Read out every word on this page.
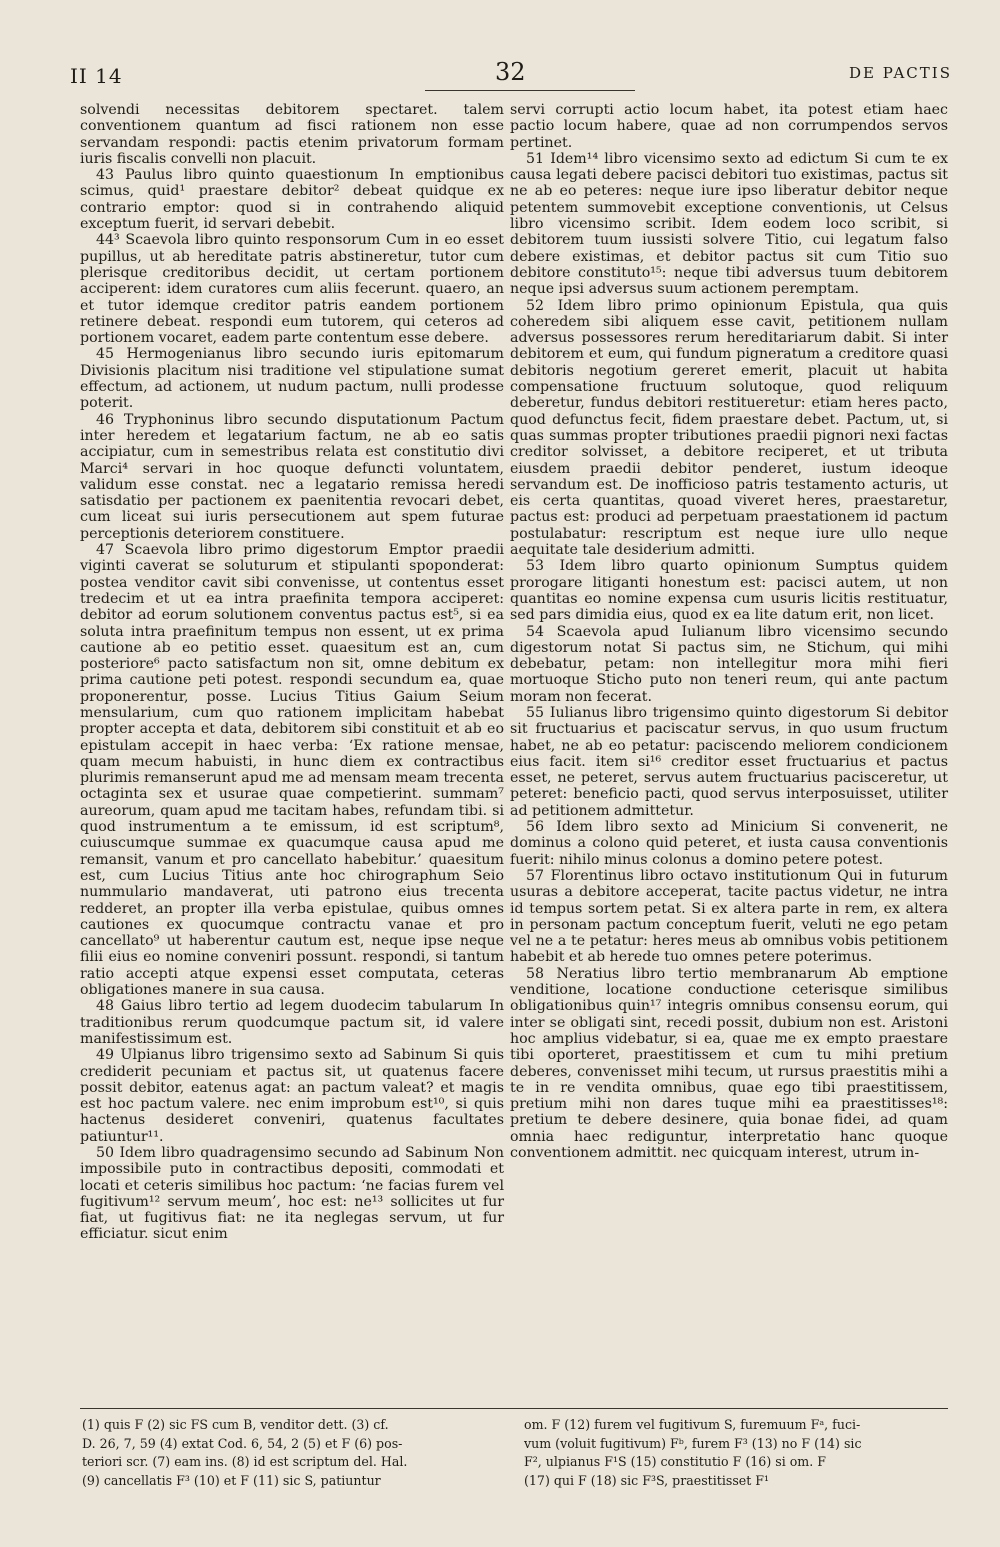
II 14	32	DE PACTIS

solvendi necessitas debitorem spectaret. talem conventionem quantum ad fisci rationem non esse servandam respondi: pactis etenim privatorum formam iuris fiscalis convelli non placuit.

43 Paulus libro quinto quaestionum In emptionibus scimus, quid¹ praestare debitor² debeat quidque ex contrario emptor: quod si in contrahendo aliquid exceptum fuerit, id servari debebit.

44³ Scaevola libro quinto responsorum Cum in eo esset pupillus, ut ab hereditate patris abstineretur, tutor cum plerisque creditoribus decidit, ut certam portionem acciperent: idem curatores cum aliis fecerunt. quaero, an et tutor idemque creditor patris eandem portionem retinere debeat. respondi eum tutorem, qui ceteros ad portionem vocaret, eadem parte contentum esse debere.

45 Hermogenianus libro secundo iuris epitomarum Divisionis placitum nisi traditione vel stipulatione sumat effectum, ad actionem, ut nudum pactum, nulli prodesse poterit.

46 Tryphoninus libro secundo disputationum Pactum inter heredem et legatarium factum, ne ab eo satis accipiatur, cum in semestribus relata est constitutio divi Marci⁴ servari in hoc quoque defuncti voluntatem, validum esse constat. nec a legatario remissa heredi satisdatio per pactionem ex paenitentia revocari debet, cum liceat sui iuris persecutionem aut spem futurae perceptionis deteriorem constituere.

47 Scaevola libro primo digestorum Emptor praedii viginti caverat se soluturum et stipulanti spoponderat: postea venditor cavit sibi convenisse, ut contentus esset tredecim et ut ea intra praefinita tempora acciperet: debitor ad eorum solutionem conventus pactus est⁵, si ea soluta intra praefinitum tempus non essent, ut ex prima cautione ab eo petitio esset. quaesitum est an, cum posteriore⁶ pacto satisfactum non sit, omne debitum ex prima cautione peti potest. respondi secundum ea, quae proponerentur, posse. Lucius Titius Gaium Seium mensularium, cum quo rationem implicitam habebat propter accepta et data, debitorem sibi constituit et ab eo epistulam accepit in haec verba: ‘Ex ratione mensae, quam mecum habuisti, in hunc diem ex contractibus plurimis remanserunt apud me ad mensam meam trecenta octaginta sex et usurae quae competierint. summam⁷ aureorum, quam apud me tacitam habes, refundam tibi. si quod instrumentum a te emissum, id est scriptum⁸, cuiuscumque summae ex quacumque causa apud me remansit, vanum et pro cancellato habebitur.’ quaesitum est, cum Lucius Titius ante hoc chirographum Seio nummulario mandaverat, uti patrono eius trecenta redderet, an propter illa verba epistulae, quibus omnes cautiones ex quocumque contractu vanae et pro cancellato⁹ ut haberentur cautum est, neque ipse neque filii eius eo nomine conveniri possunt. respondi, si tantum ratio accepti atque expensi esset computata, ceteras obligationes manere in sua causa.

48 Gaius libro tertio ad legem duodecim tabularum In traditionibus rerum quodcumque pactum sit, id valere manifestissimum est.

49 Ulpianus libro trigensimo sexto ad Sabinum Si quis crediderit pecuniam et pactus sit, ut quatenus facere possit debitor, eatenus agat: an pactum valeat? et magis est hoc pactum valere. nec enim improbum est¹⁰, si quis hactenus desideret conveniri, quatenus facultates patiuntur¹¹.

50 Idem libro quadragensimo secundo ad Sabinum Non impossibile puto in contractibus depositi, commodati et locati et ceteris similibus hoc pactum: ‘ne facias furem vel fugitivum¹² servum meum’, hoc est: ne¹³ sollicites ut fur fiat, ut fugitivus fiat: ne ita neglegas servum, ut fur efficiatur. sicut enim

servi corrupti actio locum habet, ita potest etiam haec pactio locum habere, quae ad non corrumpendos servos pertinet.

51 Idem¹⁴ libro vicensimo sexto ad edictum Si cum te ex causa legati debere pacisci debitori tuo existimas, pactus sit ne ab eo peteres: neque iure ipso liberatur debitor neque petentem summovebit exceptione conventionis, ut Celsus libro vicensimo scribit. Idem eodem loco scribit, si debitorem tuum iussisti solvere Titio, cui legatum falso debere existimas, et debitor pactus sit cum Titio suo debitore constituto¹⁵: neque tibi adversus tuum debitorem neque ipsi adversus suum actionem peremptam.

52 Idem libro primo opinionum Epistula, qua quis coheredem sibi aliquem esse cavit, petitionem nullam adversus possessores rerum hereditariarum dabit. Si inter debitorem et eum, qui fundum pigneratum a creditore quasi debitoris negotium gereret emerit, placuit ut habita compensatione fructuum solutoque, quod reliquum deberetur, fundus debitori restitueretur: etiam heres pacto, quod defunctus fecit, fidem praestare debet. Pactum, ut, si quas summas propter tributiones praedii pignori nexi factas creditor solvisset, a debitore reciperet, et ut tributa eiusdem praedii debitor penderet, iustum ideoque servandum est. De inofficioso patris testamento acturis, ut eis certa quantitas, quoad viveret heres, praestaretur, pactus est: produci ad perpetuam praestationem id pactum postulabatur: rescriptum est neque iure ullo neque aequitate tale desiderium admitti.

53 Idem libro quarto opinionum Sumptus quidem prorogare litiganti honestum est: pacisci autem, ut non quantitas eo nomine expensa cum usuris licitis restituatur, sed pars dimidia eius, quod ex ea lite datum erit, non licet.

54 Scaevola apud Iulianum libro vicensimo secundo digestorum notat Si pactus sim, ne Stichum, qui mihi debebatur, petam: non intellegitur mora mihi fieri mortuoque Sticho puto non teneri reum, qui ante pactum moram non fecerat.

55 Iulianus libro trigensimo quinto digestorum Si debitor sit fructuarius et paciscatur servus, in quo usum fructum habet, ne ab eo petatur: paciscendo meliorem condicionem eius facit. item si¹⁶ creditor esset fructuarius et pactus esset, ne peteret, servus autem fructuarius pacisceretur, ut peteret: beneficio pacti, quod servus interposuisset, utiliter ad petitionem admittetur.

56 Idem libro sexto ad Minicium Si convenerit, ne dominus a colono quid peteret, et iusta causa conventionis fuerit: nihilo minus colonus a domino petere potest.

57 Florentinus libro octavo institutionum Qui in futurum usuras a debitore acceperat, tacite pactus videtur, ne intra id tempus sortem petat. Si ex altera parte in rem, ex altera in personam pactum conceptum fuerit, veluti ne ego petam vel ne a te petatur: heres meus ab omnibus vobis petitionem habebit et ab herede tuo omnes petere poterimus.

58 Neratius libro tertio membranarum Ab emptione venditione, locatione conductione ceterisque similibus obligationibus quin¹⁷ integris omnibus consensu eorum, qui inter se obligati sint, recedi possit, dubium non est. Aristoni hoc amplius videbatur, si ea, quae me ex empto praestare tibi oporteret, praestitissem et cum tu mihi pretium deberes, convenisset mihi tecum, ut rursus praestitis mihi a te in re vendita omnibus, quae ego tibi praestitissem, pretium mihi non dares tuque mihi ea praestitisses¹⁸: pretium te debere desinere, quia bonae fidei, ad quam omnia haec rediguntur, interpretatio hanc quoque conventionem admittit. nec quicquam interest, utrum in-

(1) quis F (2) sic FS cum B, venditor dett. (3) cf.
D. 26, 7, 59 (4) extat Cod. 6, 54, 2 (5) et F (6) pos-
teriori scr. (7) eam ins. (8) id est scriptum del. Hal.
(9) cancellatis F³ (10) et F (11) sic S, patiuntur
om. F (12) furem vel fugitivum S, furemuum Fᵃ, fuci-
vum (voluit fugitivum) Fᵇ, furem F³ (13) no F (14) sic
F², ulpianus F¹S (15) constitutio F (16) si om. F
(17) qui F (18) sic F³S, praestitisset F¹
